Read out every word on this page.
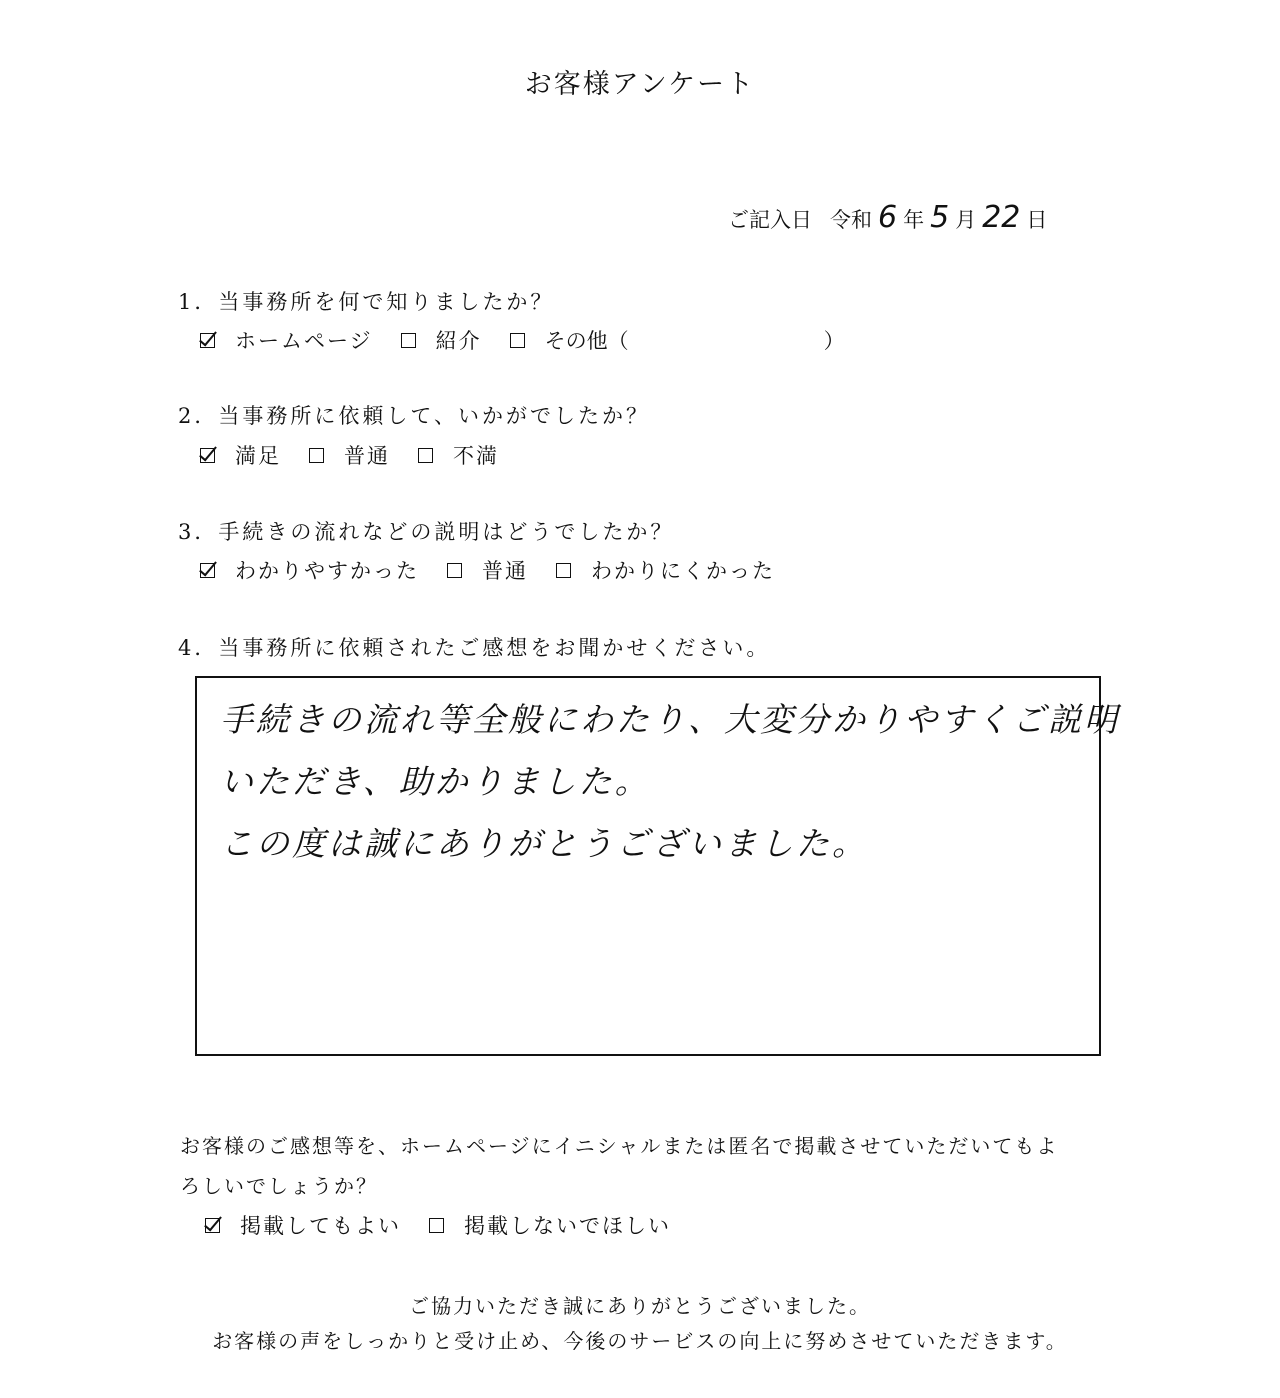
お客様アンケート
ご記入日 令和 6 年 5 月 22 日
1．当事務所を何で知りましたか？
ホームページ	紹介	その他（	）
2．当事務所に依頼して、いかがでしたか？
満足	普通	不満
3．手続きの流れなどの説明はどうでしたか？
わかりやすかった	普通	わかりにくかった
4．当事務所に依頼されたご感想をお聞かせください。
手続きの流れ等全般にわたり、大変分かりやすくご説明
いただき、助かりました。
この度は誠にありがとうございました。
お客様のご感想等を、ホームページにイニシャルまたは匿名で掲載させていただいてもよ
ろしいでしょうか？
掲載してもよい	掲載しないでほしい
ご協力いただき誠にありがとうございました。
お客様の声をしっかりと受け止め、今後のサービスの向上に努めさせていただきます。
